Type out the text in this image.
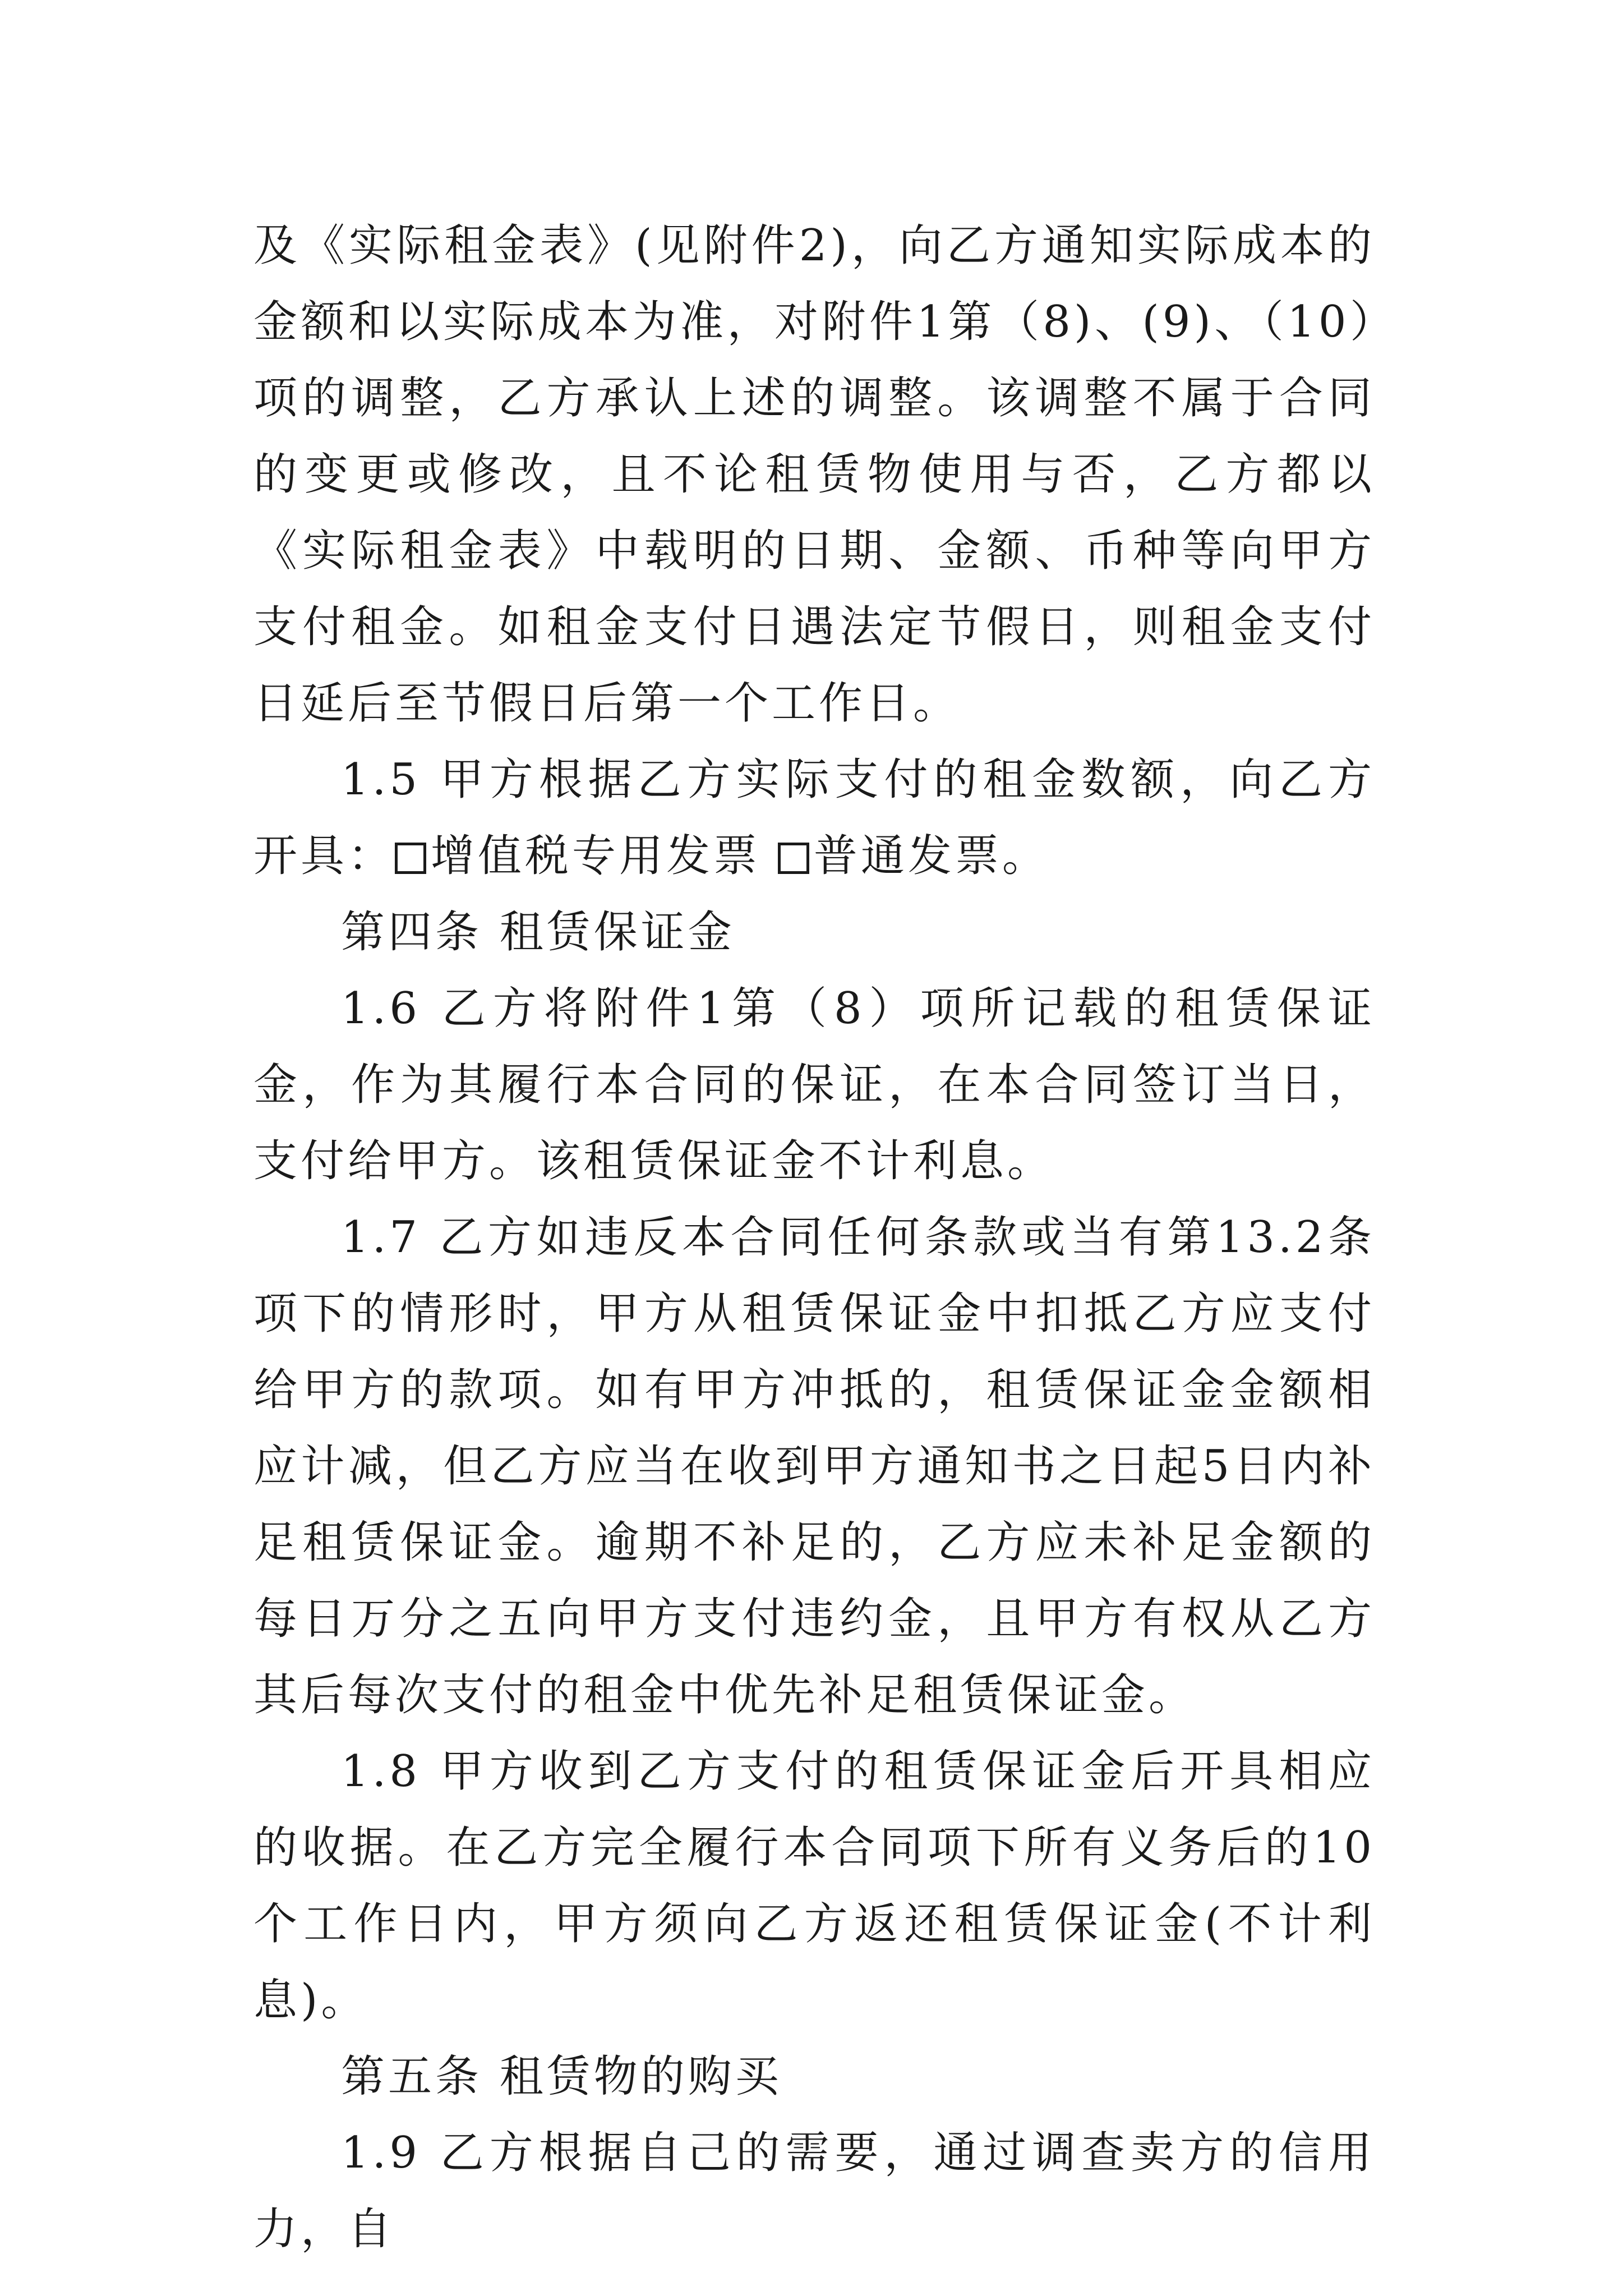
及《实际租金表》(见附件2)，向乙方通知实际成本的金额和以实际成本为准，对附件1第（8)、(9)、（10）项的调整，乙方承认上述的调整。该调整不属于合同的变更或修改，且不论租赁物使用与否，乙方都以《实际租金表》中载明的日期、金额、币种等向甲方支付租金。如租金支付日遇法定节假日，则租金支付日延后至节假日后第一个工作日。

1.5 甲方根据乙方实际支付的租金数额，向乙方开具： 增值税专用发票 普通发票。

第四条 租赁保证金

1.6 乙方将附件1第（8）项所记载的租赁保证金，作为其履行本合同的保证，在本合同签订当日，支付给甲方。该租赁保证金不计利息。

1.7 乙方如违反本合同任何条款或当有第13.2条项下的情形时，甲方从租赁保证金中扣抵乙方应支付给甲方的款项。如有甲方冲抵的，租赁保证金金额相应计减，但乙方应当在收到甲方通知书之日起5日内补足租赁保证金。逾期不补足的，乙方应未补足金额的每日万分之五向甲方支付违约金，且甲方有权从乙方其后每次支付的租金中优先补足租赁保证金。

1.8 甲方收到乙方支付的租赁保证金后开具相应的收据。在乙方完全履行本合同项下所有义务后的10个工作日内，甲方须向乙方返还租赁保证金(不计利息)。

第五条 租赁物的购买

1.9 乙方根据自己的需要，通过调查卖方的信用力，自
